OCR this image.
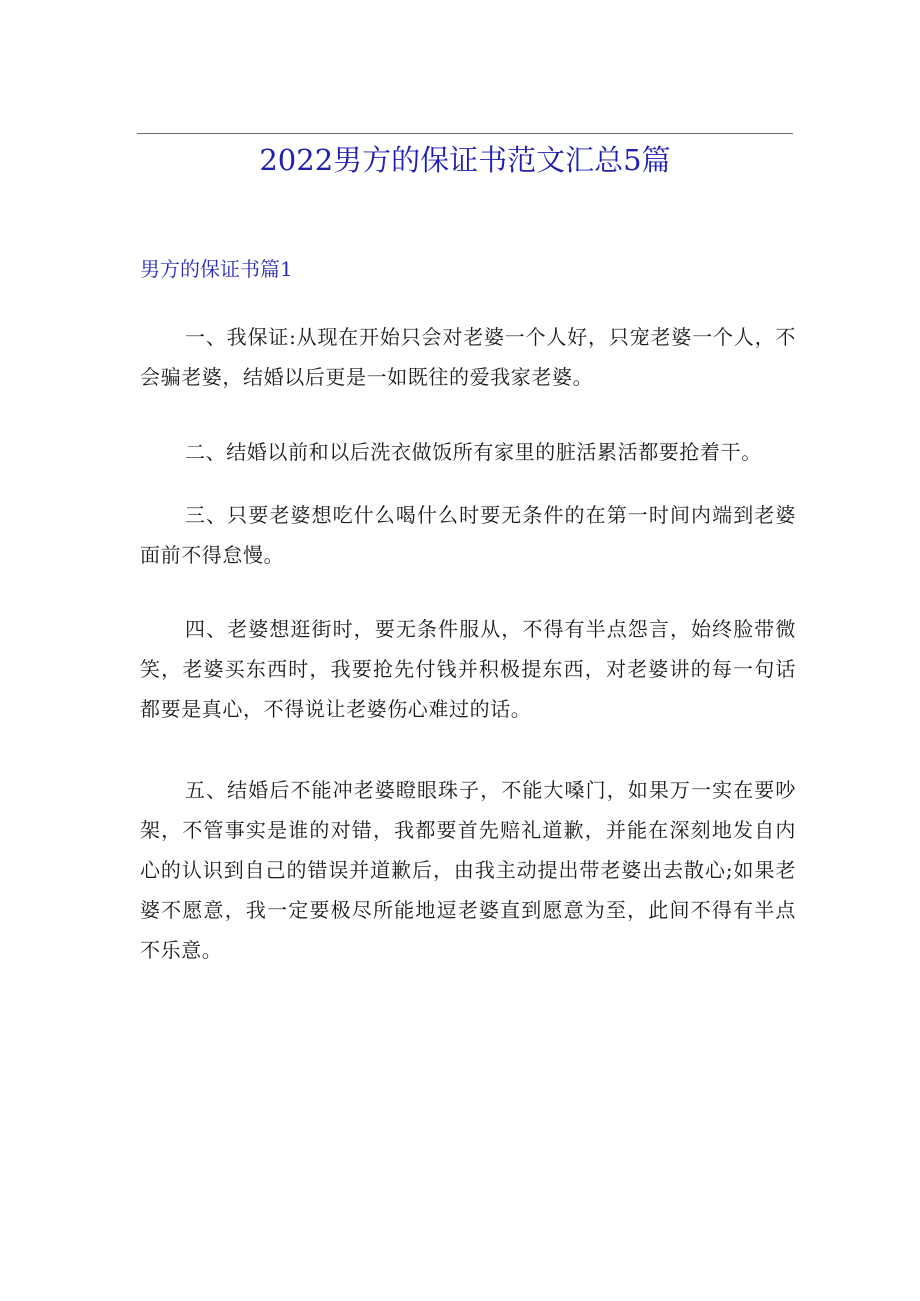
2022男方的保证书范文汇总5篇
男方的保证书篇1

一、我保证:从现在开始只会对老婆一个人好，只宠老婆一个人，不会骗老婆，结婚以后更是一如既往的爱我家老婆。

二、结婚以前和以后洗衣做饭所有家里的脏活累活都要抢着干。

三、只要老婆想吃什么喝什么时要无条件的在第一时间内端到老婆面前不得怠慢。

四、老婆想逛街时，要无条件服从，不得有半点怨言，始终脸带微笑，老婆买东西时，我要抢先付钱并积极提东西，对老婆讲的每一句话都要是真心，不得说让老婆伤心难过的话。

五、结婚后不能冲老婆瞪眼珠子，不能大嗓门，如果万一实在要吵架，不管事实是谁的对错，我都要首先赔礼道歉，并能在深刻地发自内心的认识到自己的错误并道歉后，由我主动提出带老婆出去散心;如果老婆不愿意，我一定要极尽所能地逗老婆直到愿意为至，此间不得有半点不乐意。
